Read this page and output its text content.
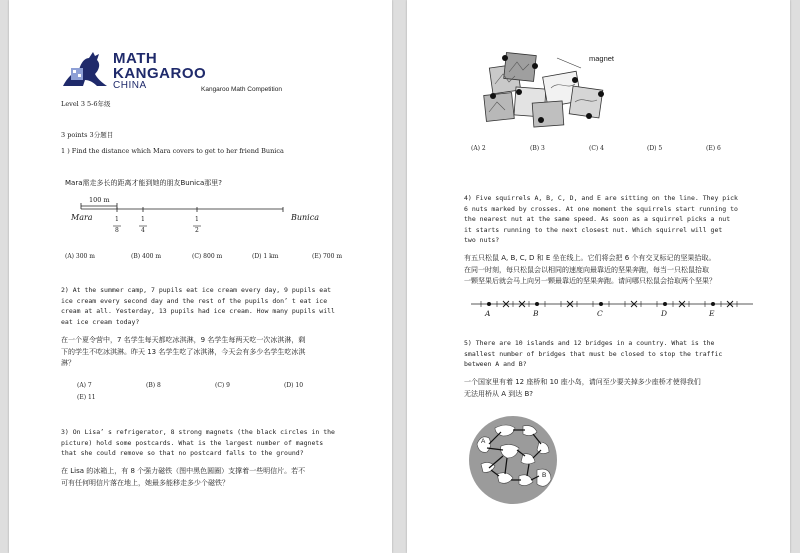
MATH
KANGAROO
CHINA	Kangaroo Math Competition
Level 3 5-6年级
3 points 3分题目
1 ) Find the distance which Mara covers to get to her friend Bunica
Mara需走多长的距离才能到她的朋友Bunica那里?
100 m
Mara	Bunica
1
8
1
4
1
2
(A) 300 m	(B) 400 m	(C) 800 m	(D) 1 km	(E) 700 m
2) At the summer camp, 7 pupils eat ice cream every day, 9 pupils eat
ice cream every second day and the rest of the pupils don’ t eat ice
cream at all. Yesterday, 13 pupils had ice cream. How many pupils will
eat ice cream today?
在一个夏令营中，7 名学生每天都吃冰淇淋，9 名学生每两天吃一次冰淇淋，剩
下的学生不吃冰淇淋。昨天 13 名学生吃了冰淇淋，今天会有多少名学生吃冰淇
淋？
(A) 7	(B) 8	(C) 9	(D) 10
(E) 11
3) On Lisa’ s refrigerator, 8 strong magnets (the black circles in the
picture) hold some postcards. What is the largest number of magnets
that she could remove so that no postcard falls to the ground?
在 Lisa 的冰箱上，有 8 个强力磁铁（图中黑色圆圈）支撑着一些明信片。若不
可有任何明信片落在地上，她最多能移走多少个磁铁？
magnet
(A) 2	(B) 3	(C) 4	(D) 5	(E) 6
4) Five squirrels A, B, C, D, and E are sitting on the line. They pick
6 nuts marked by crosses. At one moment the squirrels start running to
the nearest nut at the same speed. As soon as a squirrel picks a nut
it starts running to the next closest nut. Which squirrel will get
two nuts?
有五只松鼠 A, B, C, D 和 E 坐在线上。它们将会把 6 个有交叉标记的坚果拾取。
在同一时刻，每只松鼠会以相同的速度向最靠近的坚果奔跑，每当一只松鼠拾取
一颗坚果后就会马上向另一颗最靠近的坚果奔跑。请问哪只松鼠会拾取两个坚果？
A	B	C	D	E
5) There are 10 islands and 12 bridges in a country. What is the
smallest number of bridges that must be closed to stop the traffic
between A and B?
一个国家里有着 12 座桥和 10 座小岛，请问至少要关掉多少座桥才使得我们
无法用桥从 A 到达 B?
A
B
